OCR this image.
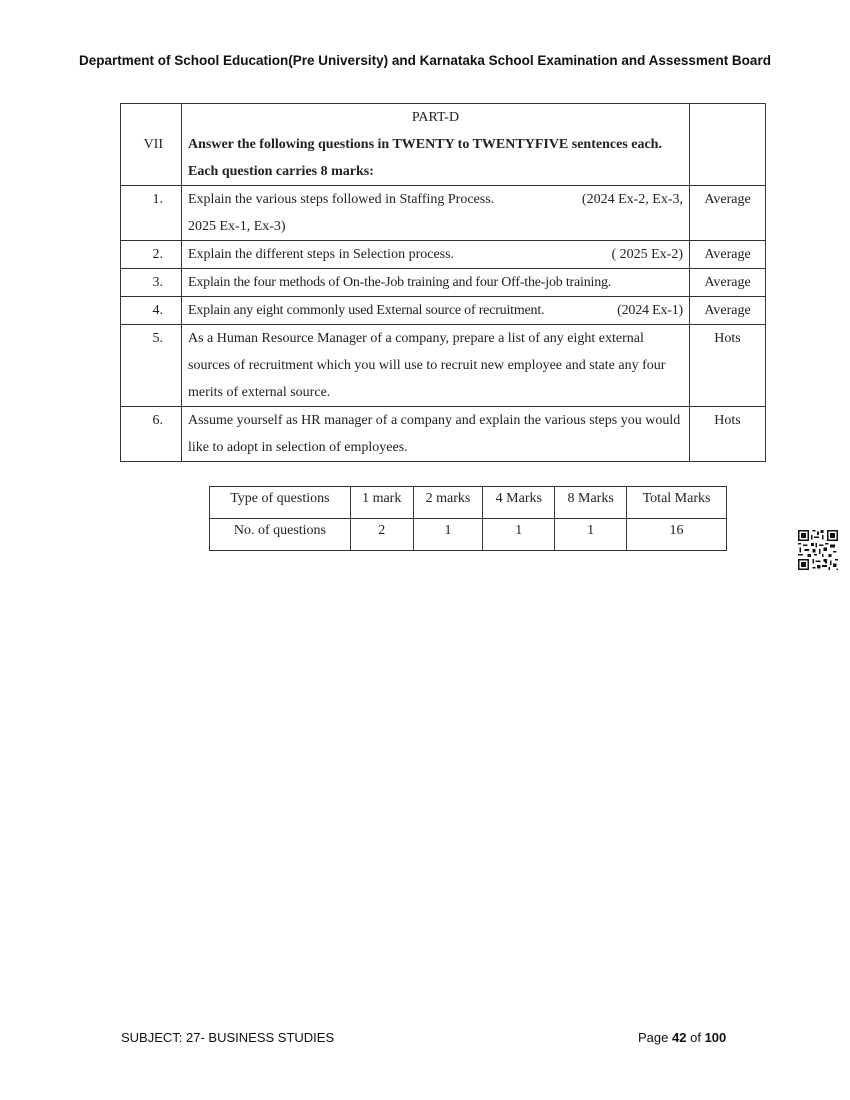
Department of School Education(Pre University) and Karnataka School Examination and Assessment Board
VII	PART-D
Answer the following questions in TWENTY to TWENTYFIVE sentences each. Each question carries 8 marks:	

1.	Explain the various steps followed in Staffing Process. (2024 Ex-2, Ex-3,
2025 Ex-1, Ex-3)	Average
2.	Explain the different steps in Selection process. ( 2025 Ex-2)	Average
3.	Explain the four methods of On-the-Job training and four Off-the-job training.	Average
4.	Explain any eight commonly used External source of recruitment. (2024 Ex-1)	Average
5.	As a Human Resource Manager of a company, prepare a list of any eight external sources of recruitment which you will use to recruit new employee and state any four merits of external source.	Hots
6.	Assume yourself as HR manager of a company and explain the various steps you would like to adopt in selection of employees.	Hots
Type of questions	1 mark	2 marks	4 Marks	8 Marks	Total Marks

No. of questions	2	1	1	1	16
SUBJECT: 27- BUSINESS STUDIES	Page 42 of 100
